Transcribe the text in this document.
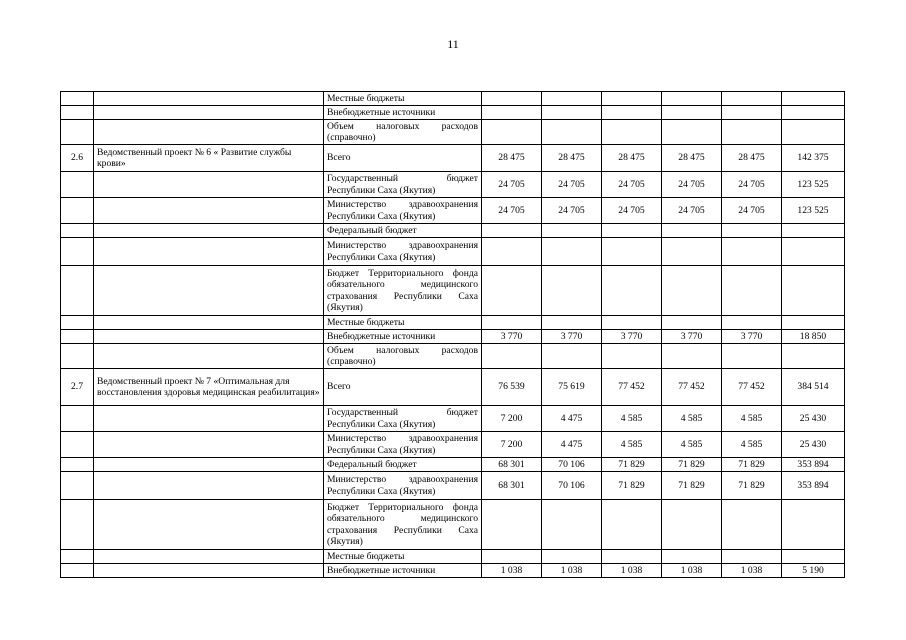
11
		Местные бюджеты						
		Внебюджетные источники						
		Объем налоговых расходов (справочно)						
2.6	Ведомственный проект № 6 « Развитие службы крови»	Всего	28 475	28 475	28 475	28 475	28 475	142 375
		Государственный бюджет Республики Саха (Якутия)	24 705	24 705	24 705	24 705	24 705	123 525
		Министерство здравоохранения Республики Саха (Якутия)	24 705	24 705	24 705	24 705	24 705	123 525
		Федеральный бюджет						
		Министерство здравоохранения Республики Саха (Якутия)						
		Бюджет Территориального фонда обязательного медицинского страхования Республики Саха (Якутия)						
		Местные бюджеты						
		Внебюджетные источники	3 770	3 770	3 770	3 770	3 770	18 850
		Объем налоговых расходов (справочно)						
2.7	Ведомственный проект № 7 «Оптимальная для восстановления здоровья медицинская реабилитация»	Всего	76 539	75 619	77 452	77 452	77 452	384 514
		Государственный бюджет Республики Саха (Якутия)	7 200	4 475	4 585	4 585	4 585	25 430
		Министерство здравоохранения Республики Саха (Якутия)	7 200	4 475	4 585	4 585	4 585	25 430
		Федеральный бюджет	68 301	70 106	71 829	71 829	71 829	353 894
		Министерство здравоохранения Республики Саха (Якутия)	68 301	70 106	71 829	71 829	71 829	353 894
		Бюджет Территориального фонда обязательного медицинского страхования Республики Саха (Якутия)						
		Местные бюджеты						
		Внебюджетные источники	1 038	1 038	1 038	1 038	1 038	5 190
